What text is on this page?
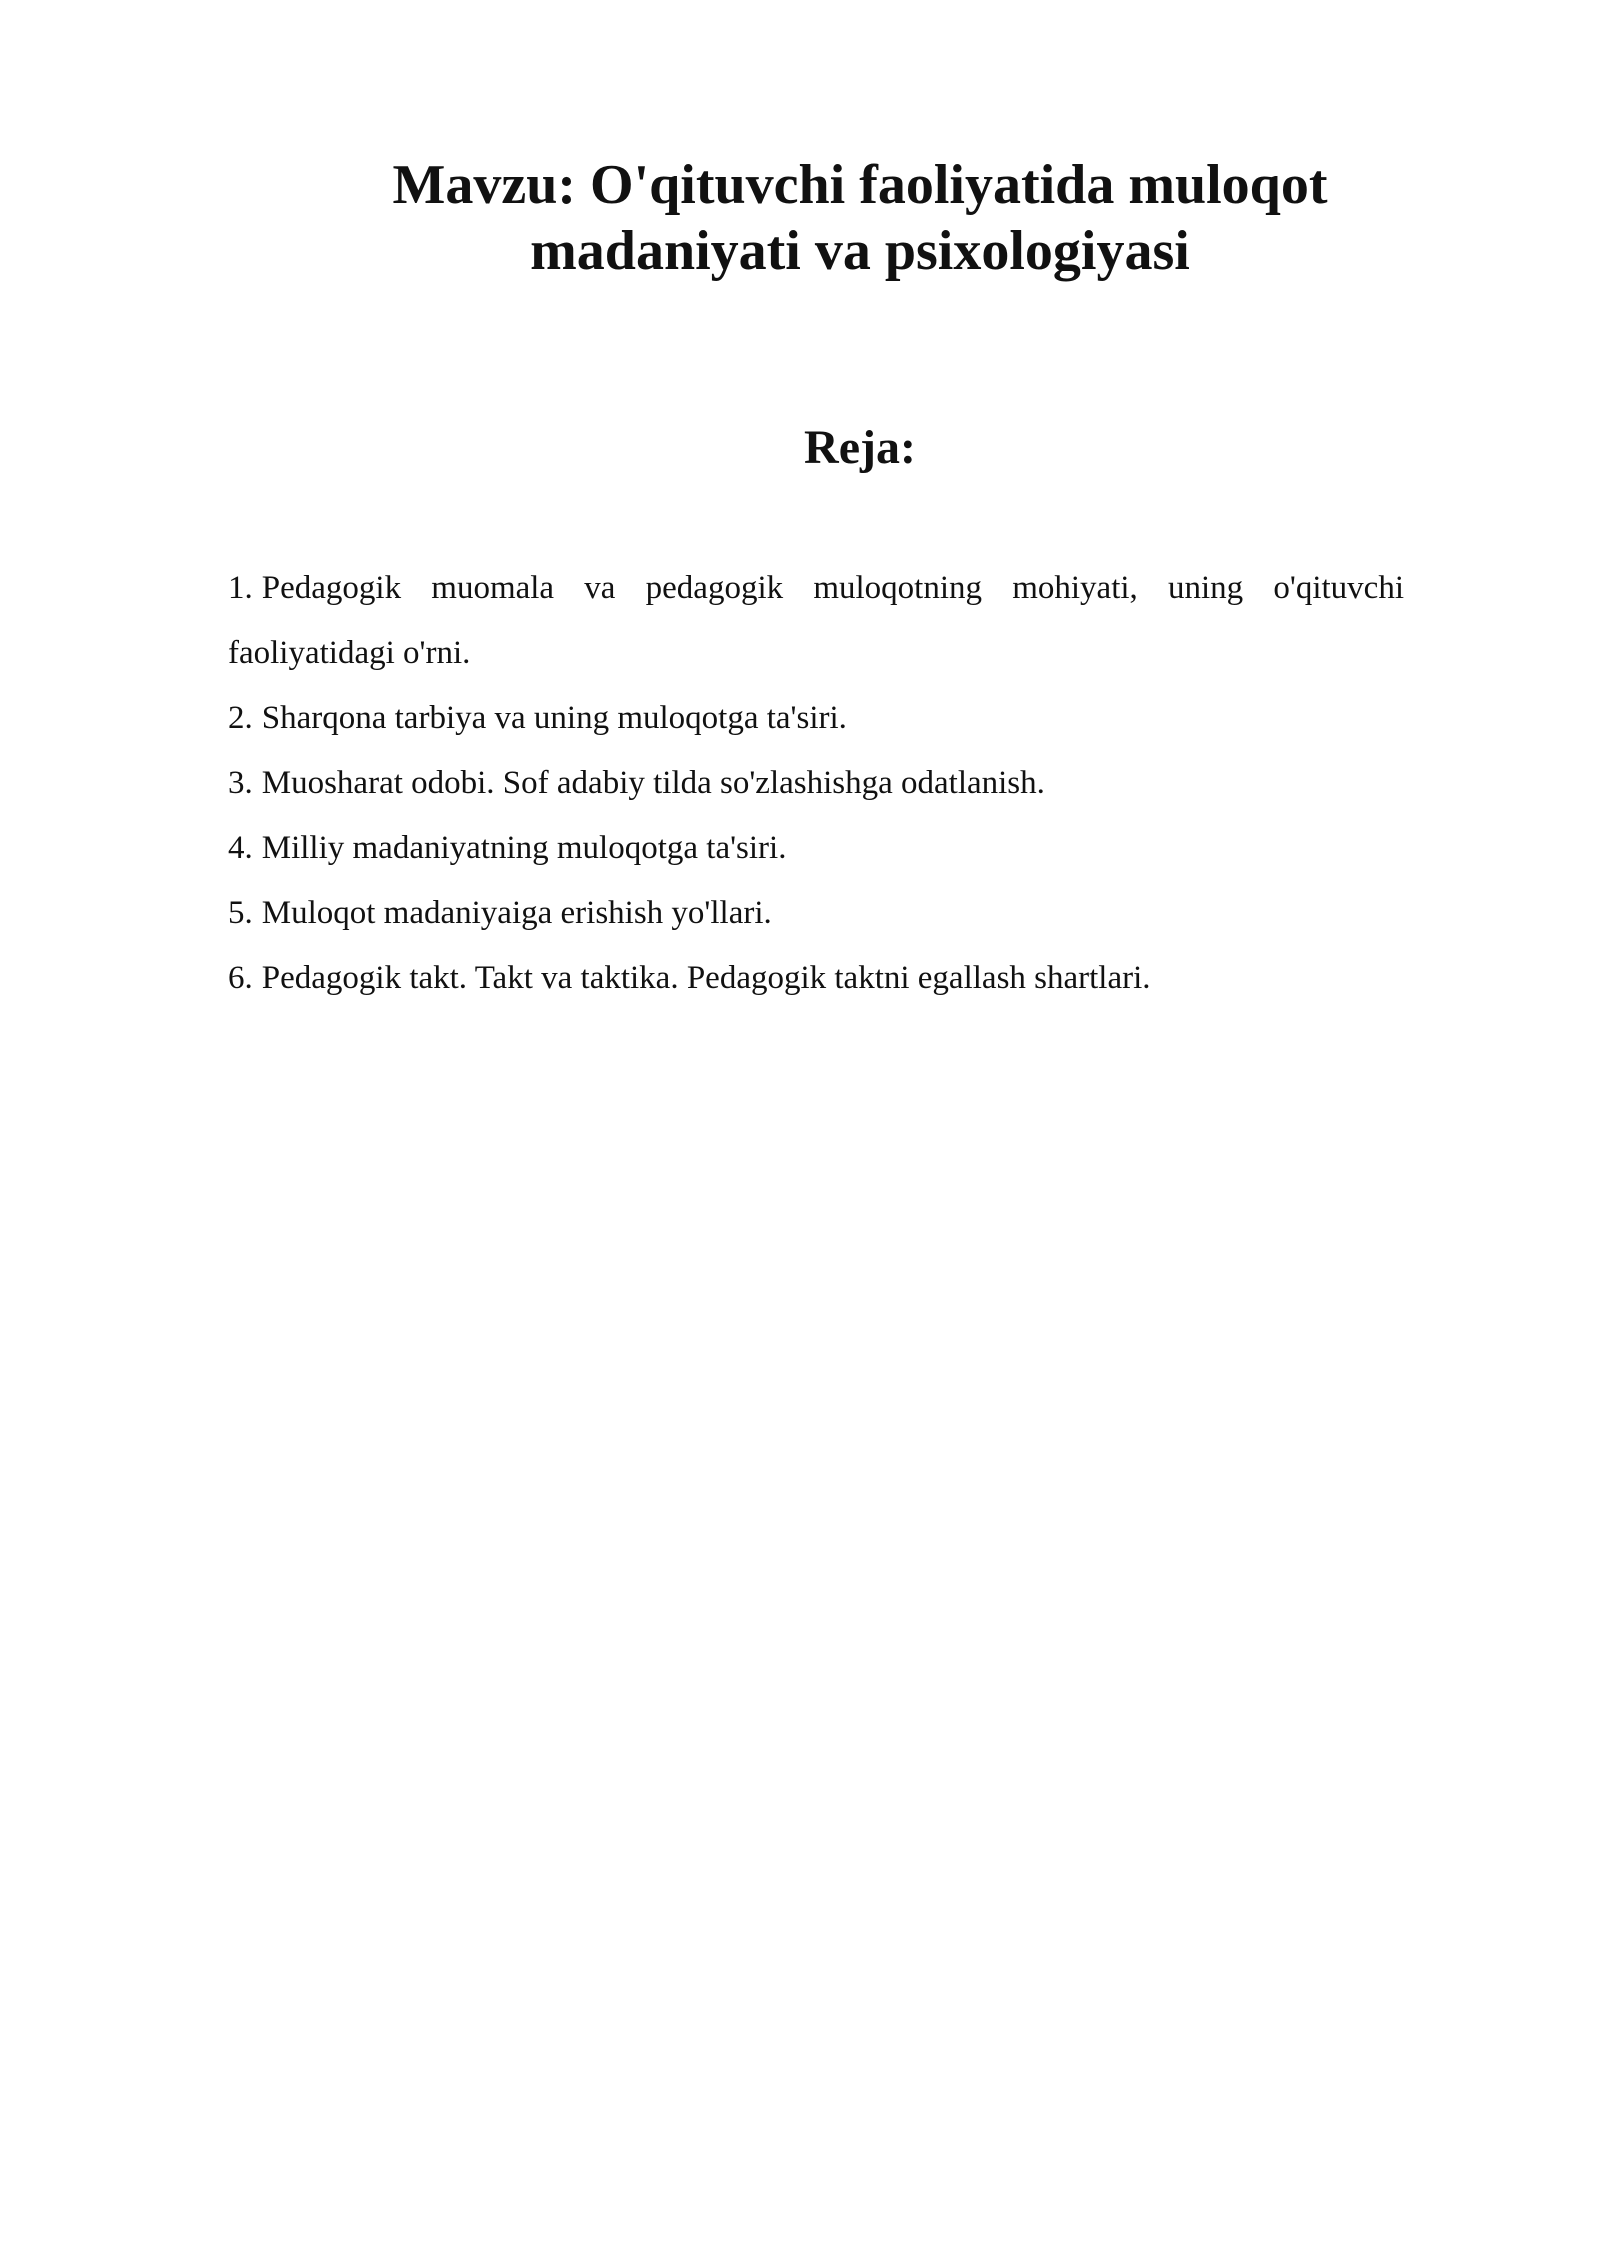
Mavzu: O'qituvchi faoliyatida muloqot madaniyati va psixologiyasi
Reja:
1. Pedagogik muomala va pedagogik muloqotning mohiyati, uning o'qituvchi faoliyatidagi o'rni.
2. Sharqona tarbiya va uning muloqotga ta'siri.
3. Muosharat odobi. Sof adabiy tilda so'zlashishga odatlanish.
4. Milliy madaniyatning muloqotga ta'siri.
5. Muloqot madaniyaiga erishish yo'llari.
6. Pedagogik takt. Takt va taktika. Pedagogik taktni egallash shartlari.
